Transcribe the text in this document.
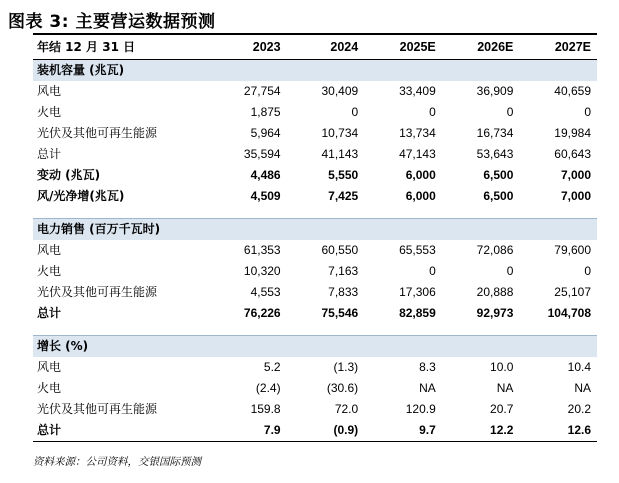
图表 3: 主要营运数据预测
年结 12 月 31 日	2023	2024	2025E	2026E	2027E
装机容量 (兆瓦)					
风电	27,754	30,409	33,409	36,909	40,659
火电	1,875	0	0	0	0
光伏及其他可再生能源	5,964	10,734	13,734	16,734	19,984
总计	35,594	41,143	47,143	53,643	60,643
变动 (兆瓦)	4,486	5,550	6,000	6,500	7,000
风/光净增(兆瓦)	4,509	7,425	6,000	6,500	7,000

电力销售 (百万千瓦时)					
风电	61,353	60,550	65,553	72,086	79,600
火电	10,320	7,163	0	0	0
光伏及其他可再生能源	4,553	7,833	17,306	20,888	25,107
总计	76,226	75,546	82,859	92,973	104,708

增长 (%)					
风电	5.2	(1.3)	8.3	10.0	10.4
火电	(2.4)	(30.6)	NA	NA	NA
光伏及其他可再生能源	159.8	72.0	120.9	20.7	20.2
总计	7.9	(0.9)	9.7	12.2	12.6
资料来源：公司资料，交银国际预测
